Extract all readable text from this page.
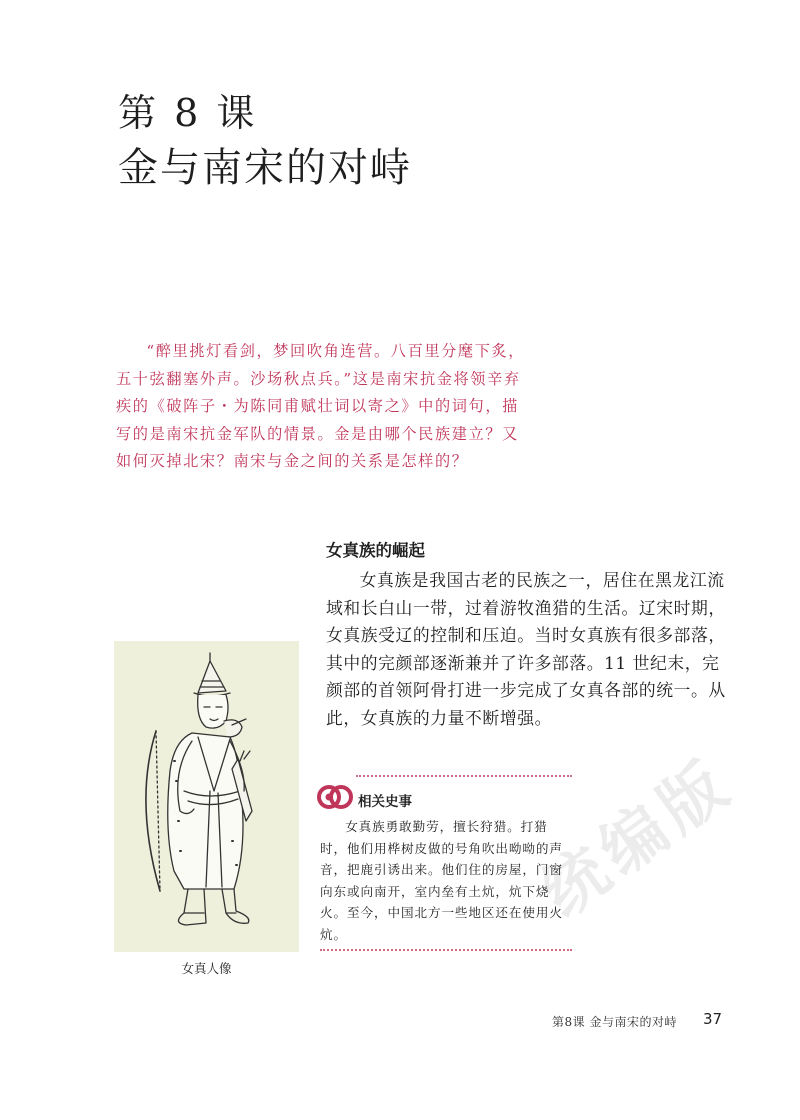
统编版
第 8 课
金与南宋的对峙

“醉里挑灯看剑，梦回吹角连营。八百里分麾下炙，五十弦翻塞外声。沙场秋点兵。”这是南宋抗金将领辛弃疾的《破阵子・为陈同甫赋壮词以寄之》中的词句，描写的是南宋抗金军队的情景。金是由哪个民族建立？又如何灭掉北宋？南宋与金之间的关系是怎样的？

女真族的崛起

女真族是我国古老的民族之一，居住在黑龙江流域和长白山一带，过着游牧渔猎的生活。辽宋时期，女真族受辽的控制和压迫。当时女真族有很多部落，其中的完颜部逐渐兼并了许多部落。11 世纪末，完颜部的首领阿骨打进一步完成了女真各部的统一。从此，女真族的力量不断增强。

女真人像
相关史事

女真族勇敢勤劳，擅长狩猎。打猎时，他们用桦树皮做的号角吹出呦呦的声音，把鹿引诱出来。他们住的房屋，门窗向东或向南开，室内垒有土炕，炕下烧火。至今，中国北方一些地区还在使用火炕。

第8课 金与南宋的对峙 37
